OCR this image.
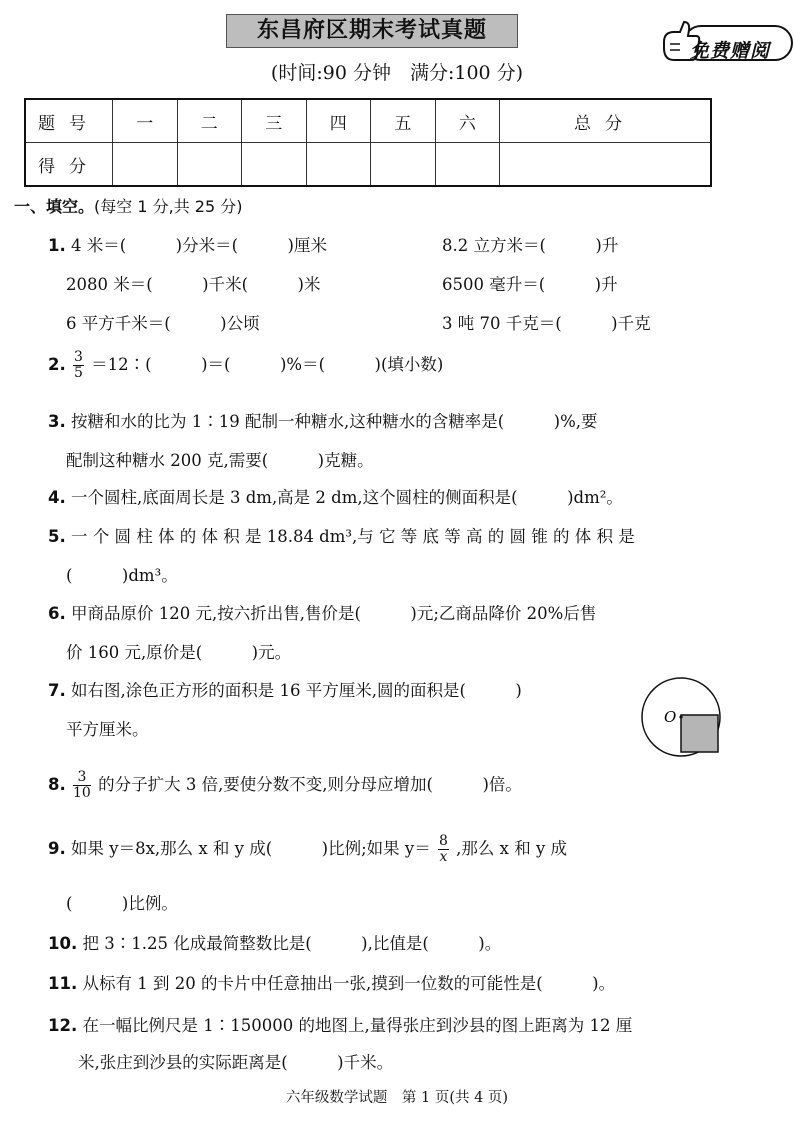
东昌府区期末考试真题
(时间:90 分钟　满分:100 分)
免费赠阅
题号	一	二	三	四	五	六	总分
得分							
一、填空。(每空 1 分,共 25 分)
1. 4 米＝(　　　)分米＝(　　　)厘米	8.2 立方米＝(　　　)升
2080 米＝(　　　)千米(　　　)米	6500 毫升＝(　　　)升
6 平方千米＝(　　　)公顷	3 吨 70 千克＝(　　　)千克
2. $\frac{3}{5}$ ＝12∶(　　　)＝(　　　)%＝(　　　)(填小数)
3. 按糖和水的比为 1∶19 配制一种糖水,这种糖水的含糖率是(　　　)%,要
配制这种糖水 200 克,需要(　　　)克糖。
4. 一个圆柱,底面周长是 3 dm,高是 2 dm,这个圆柱的侧面积是(　　　)dm²。
5. 一 个 圆 柱 体 的 体 积 是 18.84 dm³,与 它 等 底 等 高 的 圆 锥 的 体 积 是
(　　　)dm³。
6. 甲商品原价 120 元,按六折出售,售价是(　　　)元;乙商品降价 20%后售
价 160 元,原价是(　　　)元。
7. 如右图,涂色正方形的面积是 16 平方厘米,圆的面积是(　　　)
平方厘米。
O
8. $\frac{3}{10}$ 的分子扩大 3 倍,要使分数不变,则分母应增加(　　　)倍。
9. 如果 y＝8x,那么 x 和 y 成(　　　)比例;如果 $y= \frac{8}{x}$ ,那么 x 和 y 成
(　　　)比例。
10. 把 3∶1.25 化成最简整数比是(　　　),比值是(　　　)。
11. 从标有 1 到 20 的卡片中任意抽出一张,摸到一位数的可能性是(　　　)。
12. 在一幅比例尺是 1∶150000 的地图上,量得张庄到沙县的图上距离为 12 厘
米,张庄到沙县的实际距离是(　　　)千米。
六年级数学试题　第 1 页(共 4 页)
